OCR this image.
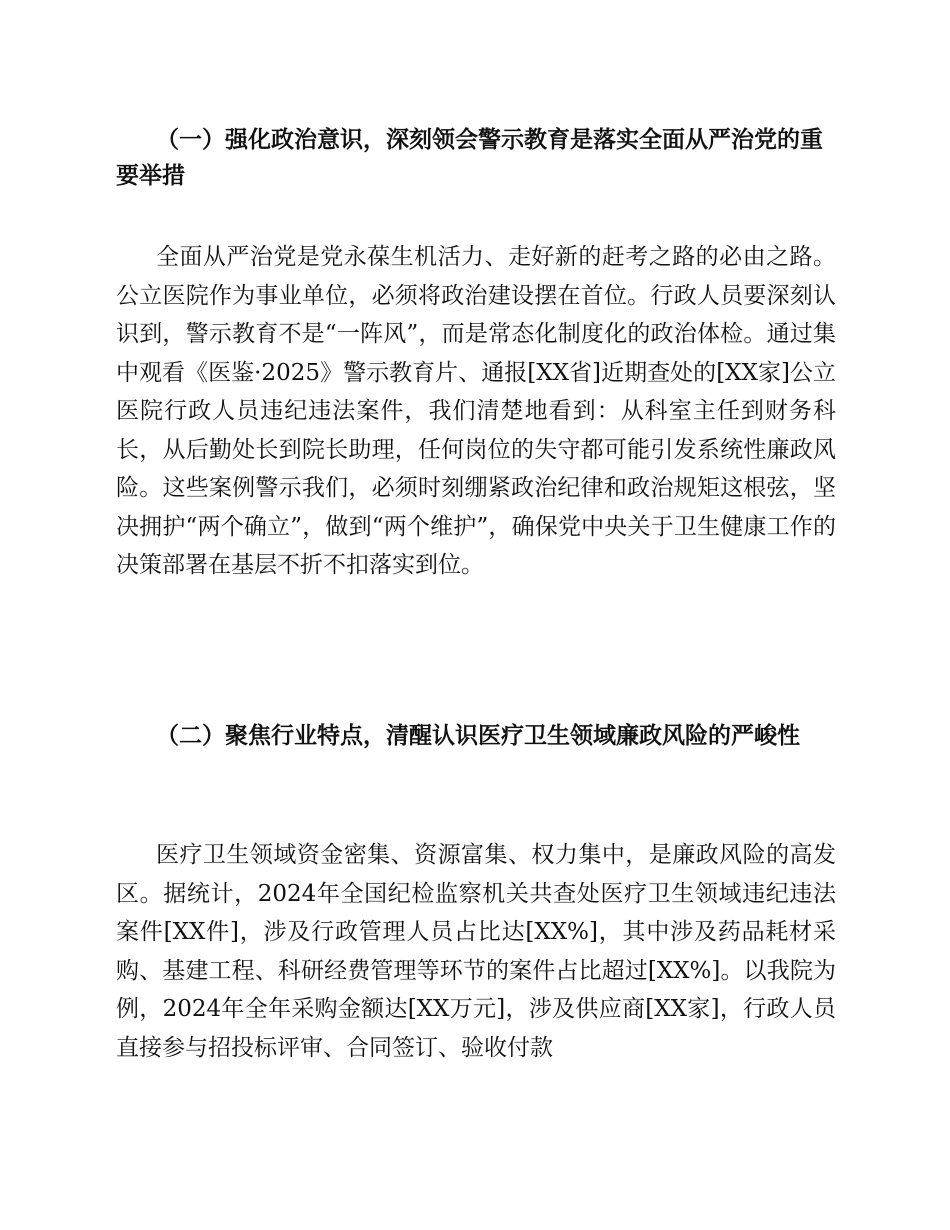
（一）强化政治意识，深刻领会警示教育是落实全面从严治党的重要举措

全面从严治党是党永葆生机活力、走好新的赶考之路的必由之路。公立医院作为事业单位，必须将政治建设摆在首位。行政人员要深刻认识到，警示教育不是“一阵风”，而是常态化制度化的政治体检。通过集中观看《医鉴·2025》警示教育片、通报[XX省]近期查处的[XX家]公立医院行政人员违纪违法案件，我们清楚地看到：从科室主任到财务科长，从后勤处长到院长助理，任何岗位的失守都可能引发系统性廉政风险。这些案例警示我们，必须时刻绷紧政治纪律和政治规矩这根弦，坚决拥护“两个确立”，做到“两个维护”，确保党中央关于卫生健康工作的决策部署在基层不折不扣落实到位。

（二）聚焦行业特点，清醒认识医疗卫生领域廉政风险的严峻性

医疗卫生领域资金密集、资源富集、权力集中，是廉政风险的高发区。据统计，2024年全国纪检监察机关共查处医疗卫生领域违纪违法案件[XX件]，涉及行政管理人员占比达[XX%]，其中涉及药品耗材采购、基建工程、科研经费管理等环节的案件占比超过[XX%]。以我院为例，2024年全年采购金额达[XX万元]，涉及供应商[XX家]，行政人员直接参与招投标评审、合同签订、验收付款
